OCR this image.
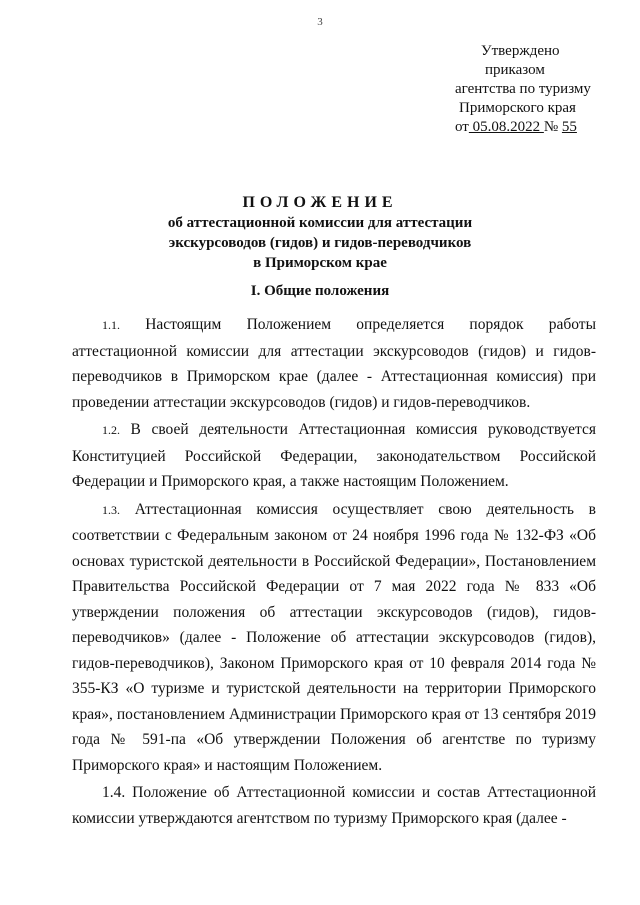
3
Утверждено
приказом
агентства по туризму
Приморского края
от 05.08.2022 № 55
ПОЛОЖЕНИЕ
об аттестационной комиссии для аттестации
экскурсоводов (гидов) и гидов-переводчиков
в Приморском крае
I. Общие положения

1.1. Настоящим Положением определяется порядок работы аттестационной комиссии для аттестации экскурсоводов (гидов) и гидов-переводчиков в Приморском крае (далее - Аттестационная комиссия) при проведении аттестации экскурсоводов (гидов) и гидов-переводчиков.

1.2. В своей деятельности Аттестационная комиссия руководствуется Конституцией Российской Федерации, законодательством Российской Федерации и Приморского края, а также настоящим Положением.

1.3. Аттестационная комиссия осуществляет свою деятельность в соответствии с Федеральным законом от 24 ноября 1996 года № 132-ФЗ «Об основах туристской деятельности в Российской Федерации», Постановлением Правительства Российской Федерации от 7 мая 2022 года № 833 «Об утверждении положения об аттестации экскурсоводов (гидов), гидов-переводчиков» (далее - Положение об аттестации экскурсоводов (гидов), гидов-переводчиков), Законом Приморского края от 10 февраля 2014 года № 355-КЗ «О туризме и туристской деятельности на территории Приморского края», постановлением Администрации Приморского края от 13 сентября 2019 года № 591-па «Об утверждении Положения об агентстве по туризму Приморского края» и настоящим Положением.

1.4. Положение об Аттестационной комиссии и состав Аттестационной комиссии утверждаются агентством по туризму Приморского края (далее -
